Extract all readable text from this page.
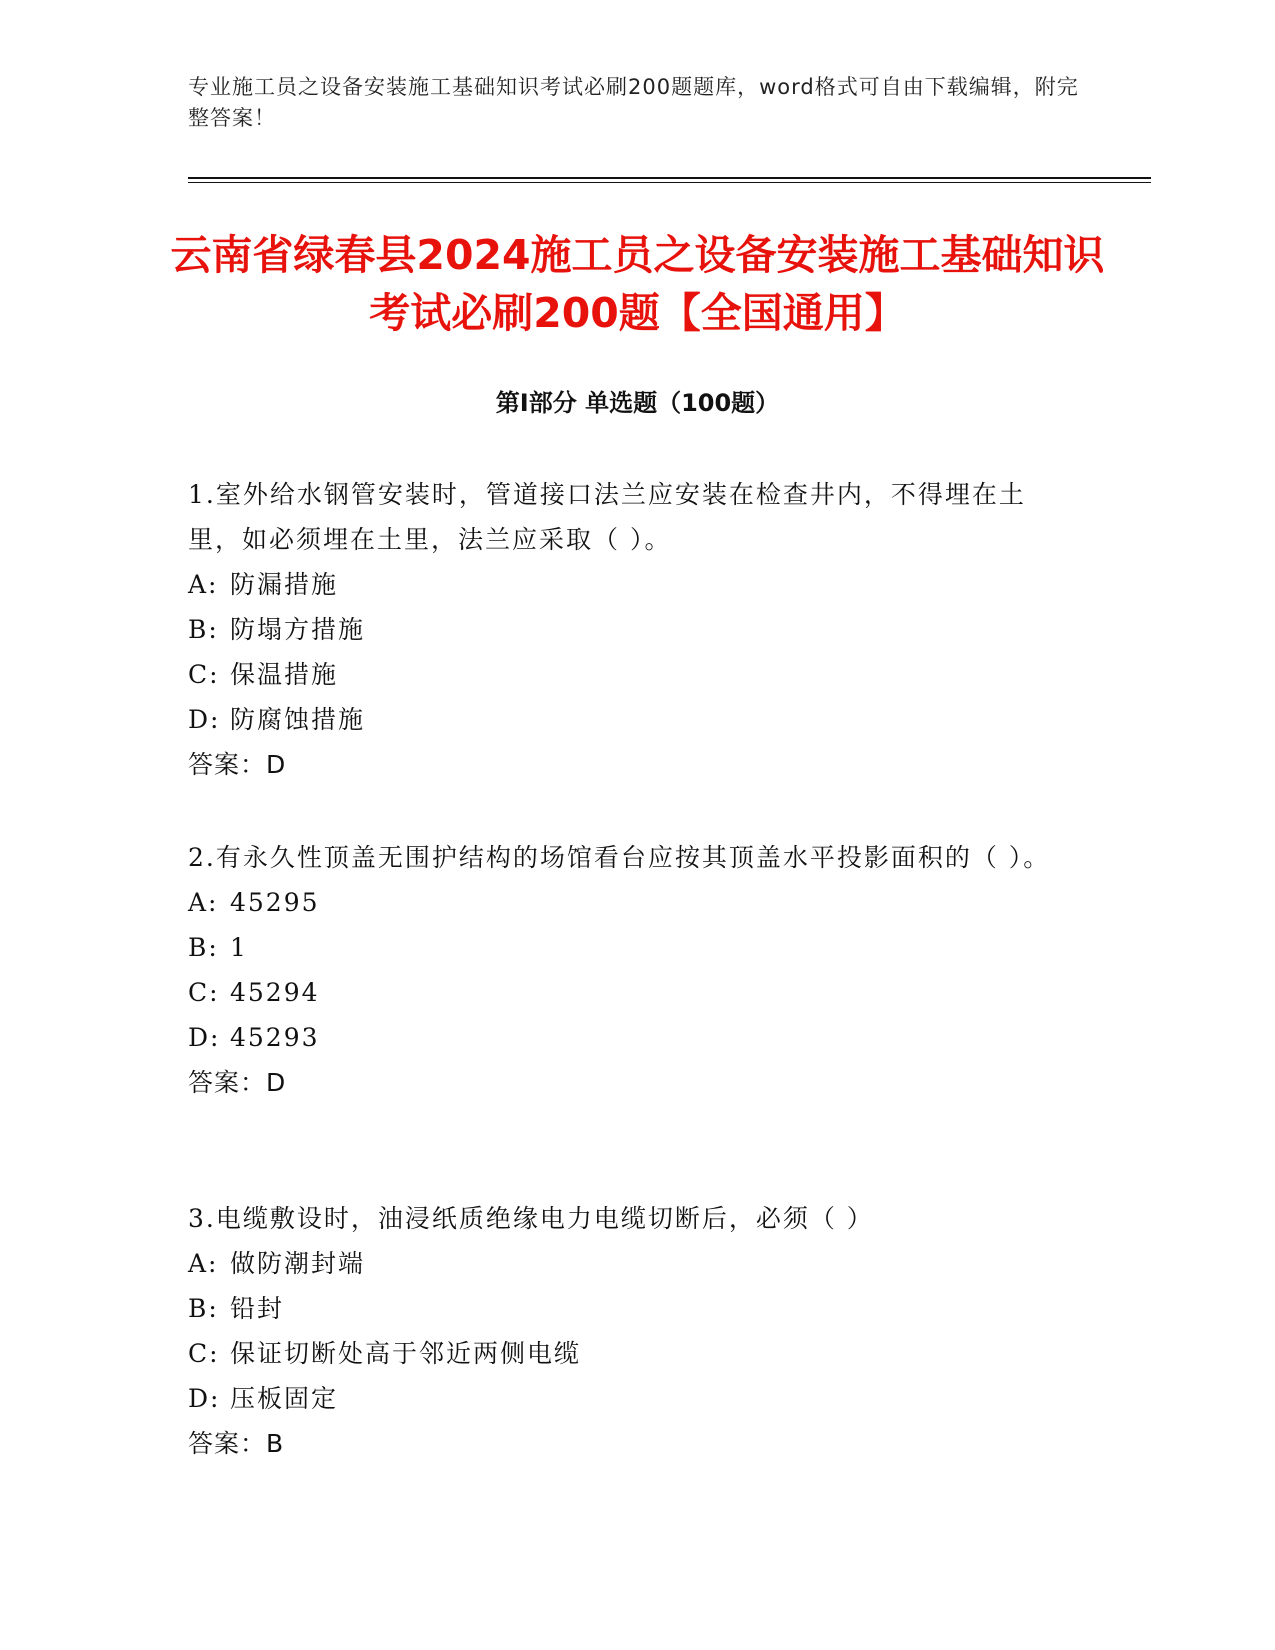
专业施工员之设备安装施工基础知识考试必刷200题题库，word格式可自由下载编辑，附完整答案！
云南省绿春县2024施工员之设备安装施工基础知识考试必刷200题【全国通用】
第I部分 单选题（100题）
1.室外给水钢管安装时，管道接口法兰应安装在检查井内，不得埋在土里，如必须埋在土里，法兰应采取（ ）。
A: 防漏措施
B: 防塌方措施
C: 保温措施
D: 防腐蚀措施
答案：D
2.有永久性顶盖无围护结构的场馆看台应按其顶盖水平投影面积的（ ）。
A: 45295
B: 1
C: 45294
D: 45293
答案：D
3.电缆敷设时，油浸纸质绝缘电力电缆切断后，必须（ ）
A: 做防潮封端
B: 铅封
C: 保证切断处高于邻近两侧电缆
D: 压板固定
答案：B
